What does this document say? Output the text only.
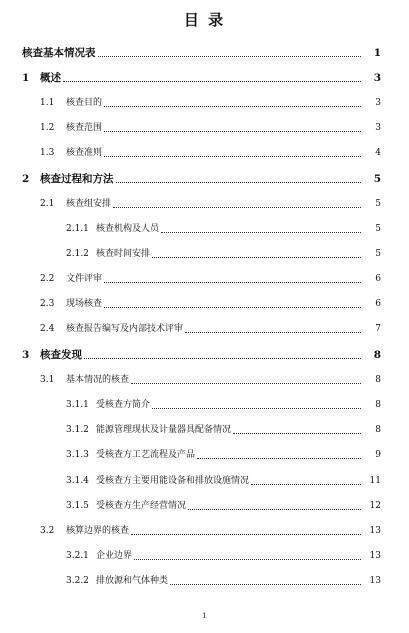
目 录
核查基本情况表	1
1 概述	3
1.1 核查目的	3
1.2 核查范围	3
1.3 核查准则	4
2 核查过程和方法	5
2.1 核查组安排	5
2.1.1 核查机构及人员	5
2.1.2 核查时间安排	5
2.2 文件评审	6
2.3 现场核查	6
2.4 核查报告编写及内部技术评审	7
3 核查发现	8
3.1 基本情况的核查	8
3.1.1 受核查方简介	8
3.1.2 能源管理现状及计量器具配备情况	8
3.1.3 受核查方工艺流程及产品	9
3.1.4 受核查方主要用能设备和排放设施情况	11
3.1.5 受核查方生产经营情况	12
3.2 核算边界的核查	13
3.2.1 企业边界	13
3.2.2 排放源和气体种类	13
1
